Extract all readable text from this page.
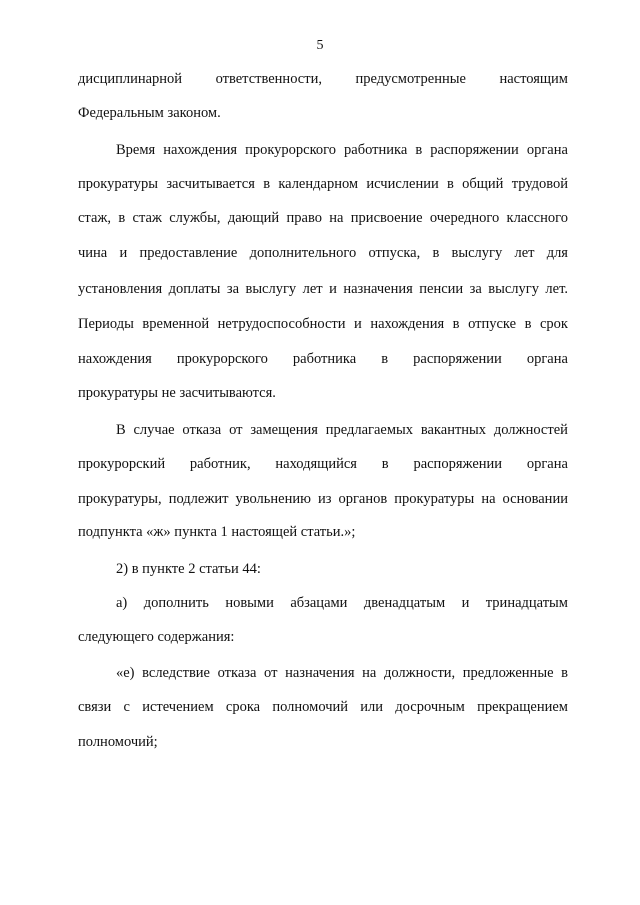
5
дисциплинарной ответственности, предусмотренные настоящим
Федеральным законом.
Время нахождения прокурорского работника в распоряжении органа
прокуратуры засчитывается в календарном исчислении в общий трудовой
стаж, в стаж службы, дающий право на присвоение очередного классного
чина и предоставление дополнительного отпуска, в выслугу лет для
установления доплаты за выслугу лет и назначения пенсии за выслугу лет.
Периоды временной нетрудоспособности и нахождения в отпуске в срок
нахождения прокурорского работника в распоряжении органа
прокуратуры не засчитываются.
В случае отказа от замещения предлагаемых вакантных должностей
прокурорский работник, находящийся в распоряжении органа
прокуратуры, подлежит увольнению из органов прокуратуры на основании
подпункта «ж» пункта 1 настоящей статьи.»;
2) в пункте 2 статьи 44:
а) дополнить новыми абзацами двенадцатым и тринадцатым
следующего содержания:
«е) вследствие отказа от назначения на должности, предложенные в
связи с истечением срока полномочий или досрочным прекращением
полномочий;
